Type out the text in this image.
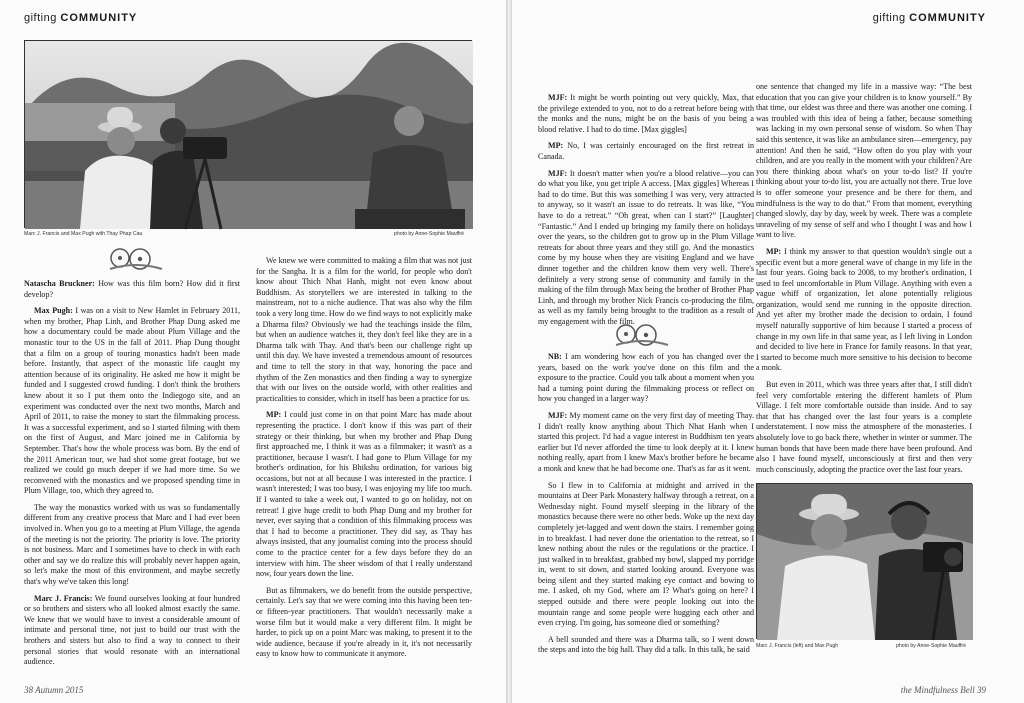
gifting COMMUNITY
Marc J. Francis and Max Pugh with Thay Phap Cau	photo by Anne-Sophie Mauffré

Natascha Bruckner: How was this film born? How did it first develop?

Max Pugh: I was on a visit to New Hamlet in February 2011, when my brother, Phap Linh, and Brother Phap Dung asked me how a documentary could be made about Plum Village and the monastic tour to the US in the fall of 2011. Phap Dung thought that a film on a group of touring monastics hadn't been made before. Instantly, that aspect of the monastic life caught my attention because of its originality. He asked me how it might be funded and I suggested crowd funding. I don't think the brothers knew about it so I put them onto the Indiegogo site, and an experiment was conducted over the next two months, March and April of 2011, to raise the money to start the filmmaking process. It was a successful experiment, and so I started filming with them on the first of August, and Marc joined me in California by September. That's how the whole process was born. By the end of the 2011 American tour, we had shot some great footage, but we realized we could go much deeper if we had more time. So we reconvened with the monastics and we proposed spending time in Plum Village, too, which they agreed to.

The way the monastics worked with us was so fundamentally different from any creative process that Marc and I had ever been involved in. When you go to a meeting at Plum Village, the agenda of the meeting is not the priority. The priority is love. The priority is not business. Marc and I sometimes have to check in with each other and say we do realize this will probably never happen again, so let's make the most of this environment, and maybe secretly that's why we've taken this long!

Marc J. Francis: We found ourselves looking at four hundred or so brothers and sisters who all looked almost exactly the same. We knew that we would have to invest a considerable amount of intimate and personal time, not just to build our trust with the brothers and sisters but also to find a way to connect to their personal stories that would resonate with an international audience.

We knew we were committed to making a film that was not just for the Sangha. It is a film for the world, for people who don't know about Thich Nhat Hanh, might not even know about Buddhism. As storytellers we are interested in talking to the mainstream, not to a niche audience. That was also why the film took a very long time. How do we find ways to not explicitly make a Dharma film? Obviously we had the teachings inside the film, but when an audience watches it, they don't feel like they are in a Dharma talk with Thay. And that's been our challenge right up until this day. We have invested a tremendous amount of resources and time to tell the story in that way, honoring the pace and rhythm of the Zen monastics and then finding a way to synergize that with our lives on the outside world, with other realities and practicalities to consider, which in itself has been a practice for us.

MP: I could just come in on that point Marc has made about representing the practice. I don't know if this was part of their strategy or their thinking, but when my brother and Phap Dung first approached me, I think it was as a filmmaker; it wasn't as a practitioner, because I wasn't. I had gone to Plum Village for my brother's ordination, for his Bhikshu ordination, for various big occasions, but not at all because I was interested in the practice. I wasn't interested; I was too busy, I was enjoying my life too much. If I wanted to take a week out, I wanted to go on holiday, not on retreat! I give huge credit to both Phap Dung and my brother for never, ever saying that a condition of this filmmaking process was that I had to become a practitioner. They did say, as Thay has always insisted, that any journalist coming into the process should come to the practice center for a few days before they do an interview with him. The sheer wisdom of that I really understand now, four years down the line.

But as filmmakers, we do benefit from the outside perspective, certainly. Let's say that we were coming into this having been ten- or fifteen-year practitioners. That wouldn't necessarily make a worse film but it would make a very different film. It might be harder, to pick up on a point Marc was making, to present it to the wide audience, because if you're already in it, it's not necessarily easy to know how to communicate it anymore.

38 Autumn 2015
gifting COMMUNITY

MJF: It might be worth pointing out very quickly, Max, that the privilege extended to you, not to do a retreat before being with the monks and the nuns, might be on the basis of you being a blood relative. I had to do time. [Max giggles]

MP: No, I was certainly encouraged on the first retreat in Canada.

MJF: It doesn't matter when you're a blood relative—you can do what you like, you get triple A access. [Max giggles] Whereas I had to do time. But this was something I was very, very attracted to anyway, so it wasn't an issue to do retreats. It was like, “You have to do a retreat.” “Oh great, when can I start?” [Laughter] “Fantastic.” And I ended up bringing my family there on holidays over the years, so the children got to grow up in the Plum Village retreats for about three years and they still go. And the monastics come by my house when they are visiting England and we have dinner together and the children know them very well. There's definitely a very strong sense of community and family in the making of the film through Max being the brother of Brother Phap Linh, and through my brother Nick Francis co-producing the film, as well as my family being brought to the tradition as a result of my engagement with the film.

NB: I am wondering how each of you has changed over the years, based on the work you've done on this film and the exposure to the practice. Could you talk about a moment when you had a turning point during the filmmaking process or reflect on how you changed in a larger way?

MJF: My moment came on the very first day of meeting Thay. I didn't really know anything about Thich Nhat Hanh when I started this project. I'd had a vague interest in Buddhism ten years earlier but I'd never afforded the time to look deeply at it. I knew nothing really, apart from I knew Max's brother before he became a monk and knew that he had become one. That's as far as it went.

So I flew in to California at midnight and arrived in the mountains at Deer Park Monastery halfway through a retreat, on a Wednesday night. Found myself sleeping in the library of the monastics because there were no other beds. Woke up the next day completely jet-lagged and went down the stairs. I remember going in to breakfast. I had never done the orientation to the retreat, so I knew nothing about the rules or the regulations or the practice. I just walked in to breakfast, grabbed my bowl, slapped my porridge in, went to sit down, and started looking around. Everyone was being silent and they started making eye contact and bowing to me. I asked, oh my God, where am I? What's going on here? I stepped outside and there were people looking out into the mountain range and some people were hugging each other and even crying. I'm going, has someone died or something?

A bell sounded and there was a Dharma talk, so I went down the steps and into the big hall. Thay did a talk. In this talk, he said

one sentence that changed my life in a massive way: “The best education that you can give your children is to know yourself.” By that time, our eldest was three and there was another one coming. I was troubled with this idea of being a father, because something was lacking in my own personal sense of wisdom. So when Thay said this sentence, it was like an ambulance siren—emergency, pay attention! And then he said, “How often do you play with your children, and are you really in the moment with your children? Are you there thinking about what's on your to-do list? If you're thinking about your to-do list, you are actually not there. True love is to offer someone your presence and be there for them, and mindfulness is the way to do that.” From that moment, everything changed slowly, day by day, week by week. There was a complete unraveling of my sense of self and who I thought I was and how I want to live.

MP: I think my answer to that question wouldn't single out a specific event but a more general wave of change in my life in the last four years. Going back to 2008, to my brother's ordination, I used to feel uncomfortable in Plum Village. Anything with even a vague whiff of organization, let alone potentially religious organization, would send me running in the opposite direction. And yet after my brother made the decision to ordain, I found myself naturally supportive of him because I started a process of change in my own life in that same year, as I left living in London and decided to live here in France for family reasons. In that year, I started to become much more sensitive to his decision to become a monk.

But even in 2011, which was three years after that, I still didn't feel very comfortable entering the different hamlets of Plum Village. I felt more comfortable outside than inside. And to say that that has changed over the last four years is a complete understatement. I now miss the atmosphere of the monasteries. I absolutely love to go back there, whether in winter or summer. The human bonds that have been made there have been profound. And also I have found myself, unconsciously at first and then very much consciously, adopting the practice over the last four years.

Marc J. Francis (left) and Max Pugh	photo by Anne-Sophie Mauffré
the Mindfulness Bell 39
